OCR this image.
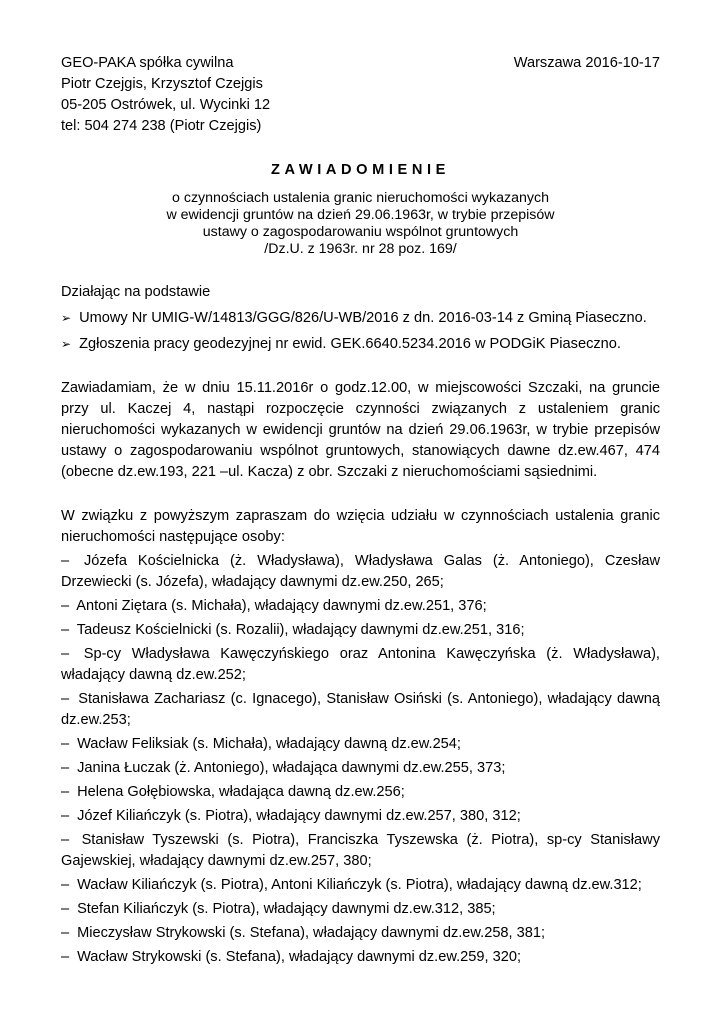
GEO-PAKA spółka cywilna
Piotr Czejgis, Krzysztof Czejgis
05-205 Ostrówek, ul. Wycinki 12
tel: 504 274 238 (Piotr Czejgis)
Warszawa 2016-10-17
ZAWIADOMIENIE
o czynnościach ustalenia granic nieruchomości wykazanych
w ewidencji gruntów na dzień 29.06.1963r, w trybie przepisów
ustawy o zagospodarowaniu wspólnot gruntowych
/Dz.U. z 1963r. nr 28 poz. 169/
Działając na podstawie
➢ Umowy Nr UMIG-W/14813/GGG/826/U-WB/2016 z dn. 2016-03-14 z Gminą Piaseczno.
➢ Zgłoszenia pracy geodezyjnej nr ewid. GEK.6640.5234.2016 w PODGiK Piaseczno.
Zawiadamiam, że w dniu 15.11.2016r o godz.12.00, w miejscowości Szczaki, na gruncie przy ul. Kaczej 4, nastąpi rozpoczęcie czynności związanych z ustaleniem granic nieruchomości wykazanych w ewidencji gruntów na dzień 29.06.1963r, w trybie przepisów ustawy o zagospodarowaniu wspólnot gruntowych, stanowiących dawne dz.ew.467, 474 (obecne dz.ew.193, 221 –ul. Kacza) z obr. Szczaki z nieruchomościami sąsiednimi.
W związku z powyższym zapraszam do wzięcia udziału w czynnościach ustalenia granic nieruchomości następujące osoby:
– Józefa Kościelnicka (ż. Władysława), Władysława Galas (ż. Antoniego), Czesław Drzewiecki (s. Józefa), władający dawnymi dz.ew.250, 265;
– Antoni Ziętara (s. Michała), władający dawnymi dz.ew.251, 376;
– Tadeusz Kościelnicki (s. Rozalii), władający dawnymi dz.ew.251, 316;
– Sp-cy Władysława Kawęczyńskiego oraz Antonina Kawęczyńska (ż. Władysława), władający dawną dz.ew.252;
– Stanisława Zachariasz (c. Ignacego), Stanisław Osiński (s. Antoniego), władający dawną dz.ew.253;
– Wacław Feliksiak (s. Michała), władający dawną dz.ew.254;
– Janina Łuczak (ż. Antoniego), władająca dawnymi dz.ew.255, 373;
– Helena Gołębiowska, władająca dawną dz.ew.256;
– Józef Kiliańczyk (s. Piotra), władający dawnymi dz.ew.257, 380, 312;
– Stanisław Tyszewski (s. Piotra), Franciszka Tyszewska (ż. Piotra), sp-cy Stanisławy Gajewskiej, władający dawnymi dz.ew.257, 380;
– Wacław Kiliańczyk (s. Piotra), Antoni Kiliańczyk (s. Piotra), władający dawną dz.ew.312;
– Stefan Kiliańczyk (s. Piotra), władający dawnymi dz.ew.312, 385;
– Mieczysław Strykowski (s. Stefana), władający dawnymi dz.ew.258, 381;
– Wacław Strykowski (s. Stefana), władający dawnymi dz.ew.259, 320;
